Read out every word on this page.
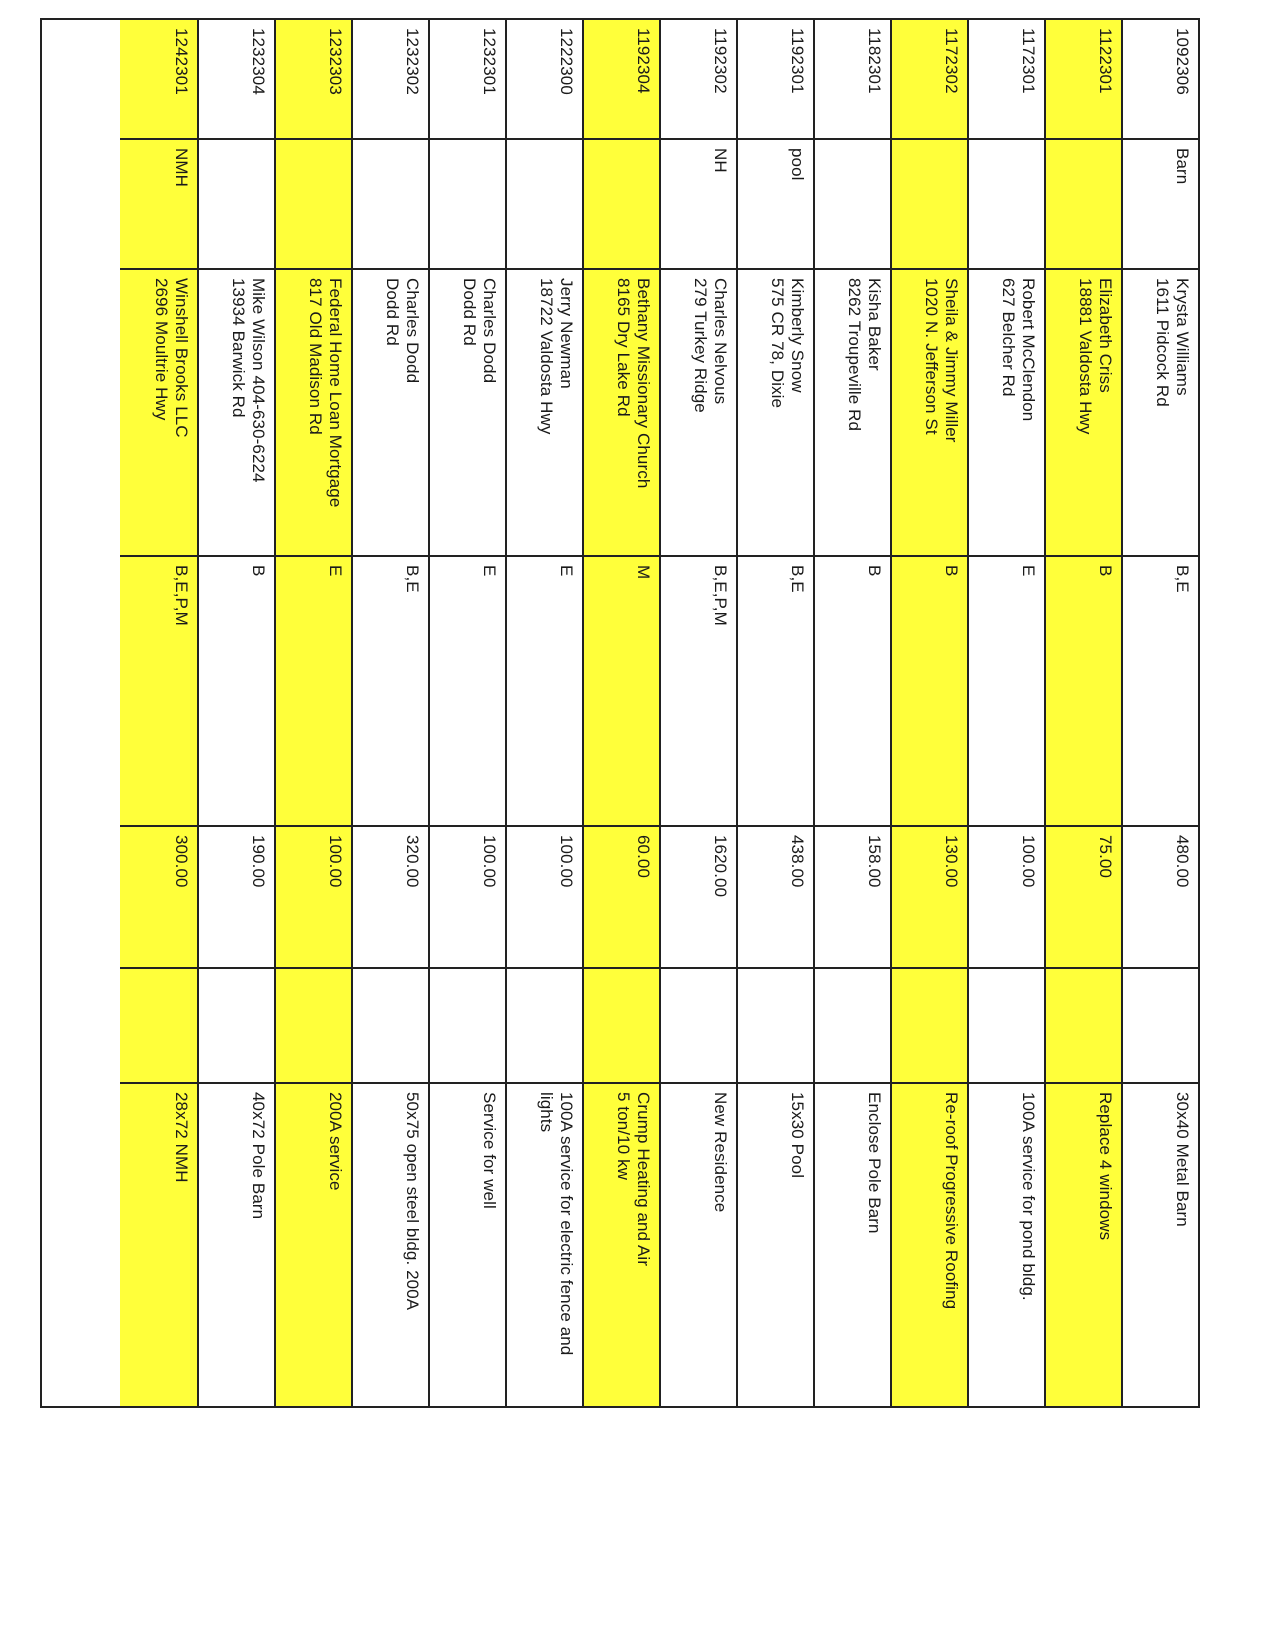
1092306
Barn
Krysta Williams
1611 Pidcock Rd
B,E
480.00
30x40 Metal Barn
1122301
Elizabeth Criss
18881 Valdosta Hwy
B
75.00
Replace 4 windows
1172301
Robert McClendon
627 Belcher Rd
E
100.00
100A service for pond bldg.
1172302
Sheila & Jimmy Miller
1020 N. Jefferson St
B
130.00
Re-roof Progressive Roofing
1182301
Kisha Baker
8262 Troupeville Rd
B
158.00
Enclose Pole Barn
1192301
pool
Kimberly Snow
575 CR 78, Dixie
B,E
438.00
15x30 Pool
1192302
NH
Charles Nelvous
279 Turkey Ridge
B,E,P,M
1620.00
New Residence
1192304
Bethany Missionary Church
8165 Dry Lake Rd
M
60.00
Crump Heating and Air
5 ton/10 kw
1222300
Jerry Newman
18722 Valdosta Hwy
E
100.00
100A service for electric fence and lights
1232301
Charles Dodd
Dodd Rd
E
100.00
Service for well
1232302
Charles Dodd
Dodd Rd
B,E
320.00
50x75 open steel bldg. 200A
1232303
Federal Home Loan Mortgage
817 Old Madison Rd
E
100.00
200A service
1232304
Mike Wilson 404-630-6224
13934 Barwick Rd
B
190.00
40x72 Pole Barn
1242301
NMH
Winshell Brooks LLC
2696 Moultrie Hwy
B,E,P,M
300.00
28x72 NMH
